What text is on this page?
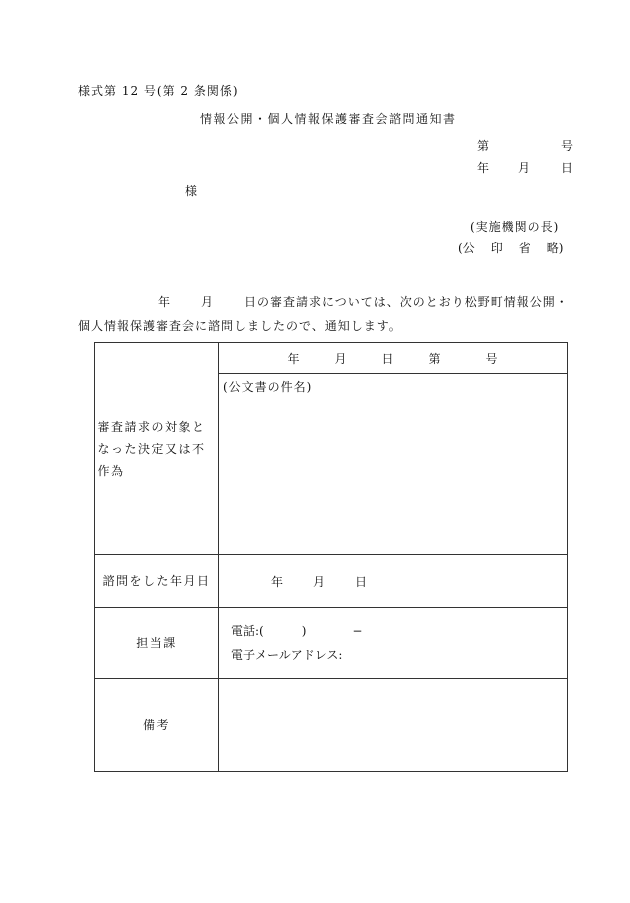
様式第 12 号(第 2 条関係)
情報公開・個人情報保護審査会諮問通知書
第	号
年 月 日
様
(実施機関の長)
(公 印 省 略)
年	月	日の審査請求については、次のとおり松野町情報公開・
個人情報保護審査会に諮問しましたので、通知します。
審査請求の対象となった決定又は不作為	年 月 日 第 号

	(公文書の件名)

諮問をした年月日	年 月 日
担当課	電話:( ) −
電子メールアドレス:

備考	
